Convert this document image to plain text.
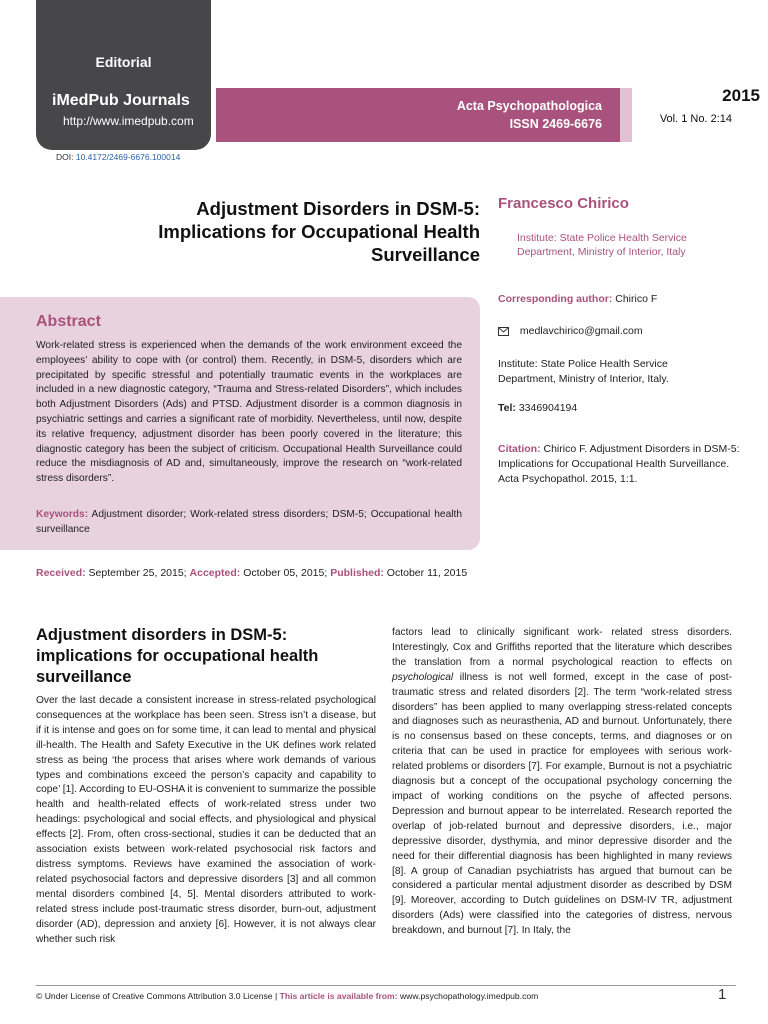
Editorial
iMedPub Journals
http://www.imedpub.com
DOI: 10.4172/2469-6676.100014
Acta Psychopathologica
ISSN 2469-6676
2015
Vol. 1 No. 2:14
Adjustment Disorders in DSM-5: Implications for Occupational Health Surveillance
Francesco Chirico
Institute: State Police Health Service Department, Ministry of Interior, Italy
Abstract
Work-related stress is experienced when the demands of the work environment exceed the employees’ ability to cope with (or control) them. Recently, in DSM-5, disorders which are precipitated by specific stressful and potentially traumatic events in the workplaces are included in a new diagnostic category, “Trauma and Stress-related Disorders”, which includes both Adjustment Disorders (Ads) and PTSD. Adjustment disorder is a common diagnosis in psychiatric settings and carries a significant rate of morbidity. Nevertheless, until now, despite its relative frequency, adjustment disorder has been poorly covered in the literature; this diagnostic category has been the subject of criticism. Occupational Health Surveillance could reduce the misdiagnosis of AD and, simultaneously, improve the research on “work-related stress disorders”.
Keywords: Adjustment disorder; Work-related stress disorders; DSM-5; Occupational health surveillance
Corresponding author: Chirico F
medlavchirico@gmail.com
Institute: State Police Health Service Department, Ministry of Interior, Italy.
Tel: 3346904194
Citation: Chirico F. Adjustment Disorders in DSM-5: Implications for Occupational Health Surveillance. Acta Psychopathol. 2015, 1:1.
Received: September 25, 2015; Accepted: October 05, 2015; Published: October 11, 2015
Adjustment disorders in DSM-5: implications for occupational health surveillance
Over the last decade a consistent increase in stress-related psychological consequences at the workplace has been seen. Stress isn’t a disease, but if it is intense and goes on for some time, it can lead to mental and physical ill-health. The Health and Safety Executive in the UK defines work related stress as being ‘the process that arises where work demands of various types and combinations exceed the person’s capacity and capability to cope’ [1]. According to EU-OSHA it is convenient to summarize the possible health and health-related effects of work-related stress under two headings: psychological and social effects, and physiological and physical effects [2]. From, often cross-sectional, studies it can be deducted that an association exists between work-related psychosocial risk factors and distress symptoms. Reviews have examined the association of work-related psychosocial factors and depressive disorders [3] and all common mental disorders combined [4, 5]. Mental disorders attributed to work-related stress include post-traumatic stress disorder, burn-out, adjustment disorder (AD), depression and anxiety [6]. However, it is not always clear whether such risk
factors lead to clinically significant work- related stress disorders. Interestingly, Cox and Griffiths reported that the literature which describes the translation from a normal psychological reaction to effects on psychological illness is not well formed, except in the case of post-traumatic stress and related disorders [2]. The term “work-related stress disorders” has been applied to many overlapping stress-related concepts and diagnoses such as neurasthenia, AD and burnout. Unfortunately, there is no consensus based on these concepts, terms, and diagnoses or on criteria that can be used in practice for employees with serious work-related problems or disorders [7]. For example, Burnout is not a psychiatric diagnosis but a concept of the occupational psychology concerning the impact of working conditions on the psyche of affected persons. Depression and burnout appear to be interrelated. Research reported the overlap of job-related burnout and depressive disorders, i.e., major depressive disorder, dysthymia, and minor depressive disorder and the need for their differential diagnosis has been highlighted in many reviews [8]. A group of Canadian psychiatrists has argued that burnout can be considered a particular mental adjustment disorder as described by DSM [9]. Moreover, according to Dutch guidelines on DSM-IV TR, adjustment disorders (Ads) were classified into the categories of distress, nervous breakdown, and burnout [7]. In Italy, the
© Under License of Creative Commons Attribution 3.0 License | This article is available from: www.psychopathology.imedpub.com	1
